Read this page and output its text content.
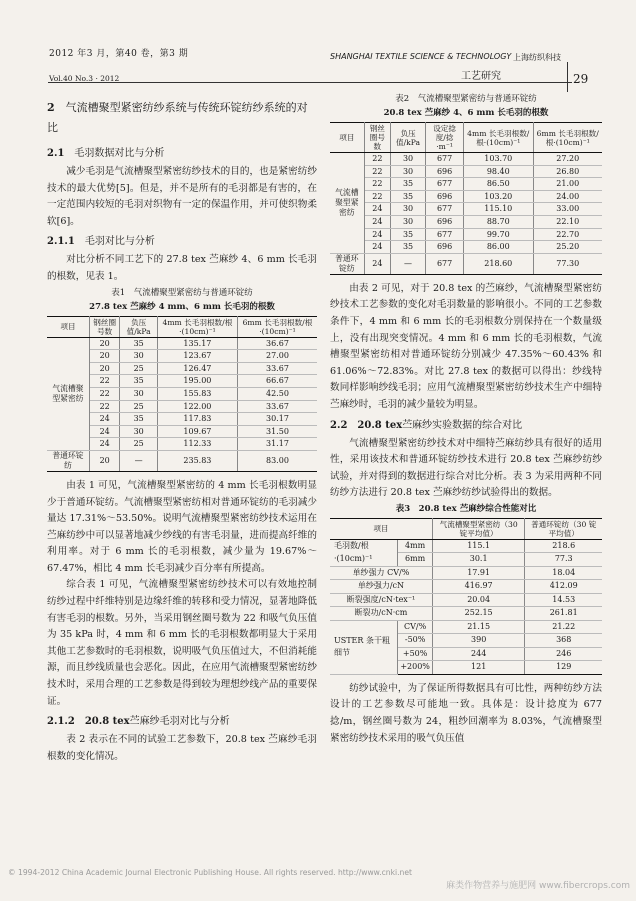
2012 年3 月，第40 卷，第3 期
Vol.40 No.3 · 2012
SHANGHAI TEXTILE SCIENCE & TECHNOLOGY 上海纺织科技
工艺研究	29
2　 气流槽聚型紧密纺纱系统与传统环锭纺纱系统的对比
2.1　 毛羽数据对比与分析

减少毛羽是气流槽聚型紧密纺纱技术的目的，也是紧密纺纱技术的最大优势[5]。但是，并不是所有的毛羽都是有害的，在一定范围内较短的毛羽对织物有一定的保温作用，并可使织物柔软[6]。

2.1.1　 毛羽对比与分析

对比分析不同工艺下的 27.8 tex 苎麻纱 4、6 mm 长毛羽的根数，见表 1。

表1　气流槽聚型紧密纺与普通环锭纺
27.8 tex 苎麻纱 4 mm、6 mm 长毛羽的根数
项目	钢丝圈号数	负压值/kPa	4mm 长毛羽根数/根·(10cm)⁻¹	6mm 长毛羽根数/根·(10cm)⁻¹
气流槽聚型紧密纺	20	35	135.17	36.67
	20	30	123.67	27.00
	20	25	126.47	33.67
	22	35	195.00	66.67
	22	30	155.83	42.50
	22	25	122.00	33.67
	24	35	117.83	30.17
	24	30	109.67	31.50
	24	25	112.33	31.17
普通环锭纺	20	—	235.83	83.00

由表 1 可见，气流槽聚型紧密纺的 4 mm 长毛羽根数明显少于普通环锭纺。气流槽聚型紧密纺相对普通环锭纺的毛羽减少量达 17.31%～53.50%。说明气流槽聚型紧密纺纱技术运用在苎麻纺纱中可以显著地减少纱线的有害毛羽量，进而提高纤维的利用率。对于 6 mm 长的毛羽根数，减少量为 19.67%～67.47%，相比 4 mm 长毛羽减少百分率有所提高。

综合表 1 可见，气流槽聚型紧密纺纱技术可以有效地控制纺纱过程中纤维特别是边缘纤维的转移和受力情况，显著地降低有害毛羽的根数。另外，当采用钢丝圈号数为 22 和吸气负压值为 35 kPa 时，4 mm 和 6 mm 长的毛羽根数都明显大于采用其他工艺参数时的毛羽根数，说明吸气负压值过大，不但消耗能源，而且纱线质量也会恶化。因此，在应用气流槽聚型紧密纺纱技术时，采用合理的工艺参数是得到较为理想纱线产品的重要保证。

2.1.2　 20.8 tex苎麻纱毛羽对比与分析

表 2 表示在不同的试验工艺参数下，20.8 tex 苎麻纱毛羽根数的变化情况。

表2　气流槽聚型紧密纺与普通环锭纺
20.8 tex 苎麻纱 4、6 mm 长毛羽的根数
项目	钢丝圈号数	负压值/kPa	设定捻度/捻·m⁻¹	4mm 长毛羽根数/根·(10cm)⁻¹	6mm 长毛羽根数/根·(10cm)⁻¹
气流槽聚型紧密纺	22	30	677	103.70	27.20
	22	30	696	98.40	26.80
	22	35	677	86.50	21.00
	22	35	696	103.20	24.00
	24	30	677	115.10	33.00
	24	30	696	88.70	22.10
	24	35	677	99.70	22.70
	24	35	696	86.00	25.20
普通环锭纺	24	—	677	218.60	77.30

由表 2 可见，对于 20.8 tex 的苎麻纱，气流槽聚型紧密纺纱技术工艺参数的变化对毛羽数量的影响很小。不同的工艺参数条件下，4 mm 和 6 mm 长的毛羽根数分别保持在一个数量级上，没有出现突变情况。4 mm 和 6 mm 长的毛羽根数，气流槽聚型紧密纺相对普通环锭纺分别减少 47.35%～60.43% 和 61.06%～72.83%。对比 27.8 tex 的数据可以得出：纱线特数同样影响纱线毛羽；应用气流槽聚型紧密纺纱技术生产中细特苎麻纱时，毛羽的减少量较为明显。

2.2　 20.8 tex苎麻纱实验数据的综合对比

气流槽聚型紧密纺纱技术对中细特苎麻纺纱具有很好的适用性，采用该技术和普通环锭纺纱技术进行 20.8 tex 苎麻纱纺纱试验，并对得到的数据进行综合对比分析。表 3 为采用两种不同纺纱方法进行 20.8 tex 苎麻纱纺纱试验得出的数据。

表3　20.8 tex 苎麻纱综合性能对比
项目		气流槽聚型紧密纺（30 锭平均值）	普通环锭纺（30 锭平均值）
毛羽数/根·(10cm)⁻¹	4mm	115.1	218.6
	6mm	30.1	77.3
单纱强力 CV/%		17.91	18.04
单纱强力/cN		416.97	412.09
断裂强度/cN·tex⁻¹		20.04	14.53
断裂功/cN·cm		252.15	261.81
USTER 条干粗细节	CV/%	21.15	21.22
	-50%	390	368
	+50%	244	246
	+200%	121	129

纺纱试验中，为了保证所得数据具有可比性，两种纺纱方法设计的工艺参数尽可能地一致。具体是：设计捻度为 677 捻/m，钢丝圈号数为 24，粗纱回潮率为 8.03%，气流槽聚型紧密纺纱技术采用的吸气负压值

© 1994-2012 China Academic Journal Electronic Publishing House. All rights reserved. http://www.cnki.net
麻类作物营养与施肥网 www.fibercrops.com
